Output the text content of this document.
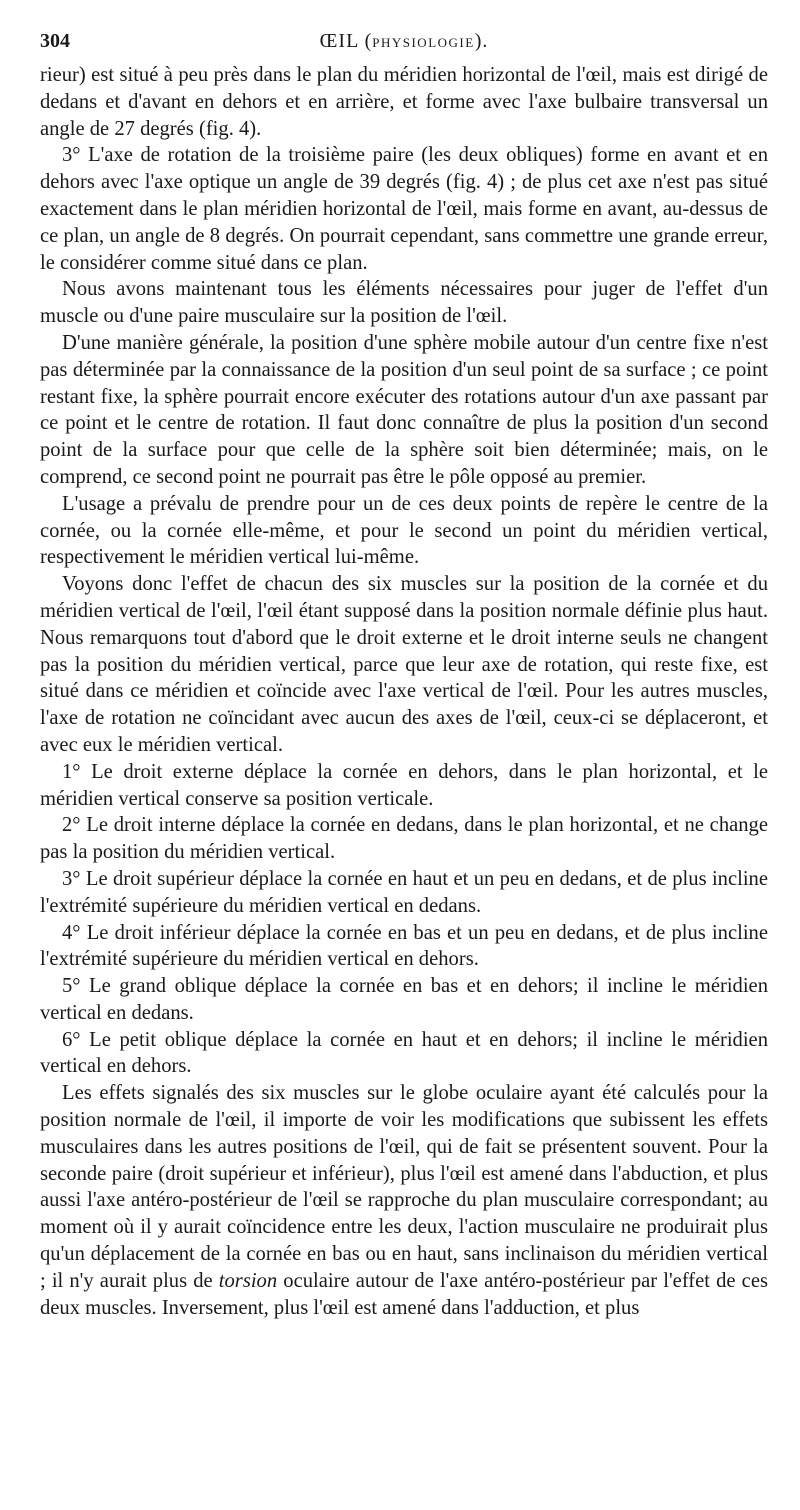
304	ŒIL (PHYSIOLOGIE).

rieur) est situé à peu près dans le plan du méridien horizontal de l'œil, mais est dirigé de dedans et d'avant en dehors et en arrière, et forme avec l'axe bulbaire transversal un angle de 27 degrés (fig. 4).

3° L'axe de rotation de la troisième paire (les deux obliques) forme en avant et en dehors avec l'axe optique un angle de 39 degrés (fig. 4) ; de plus cet axe n'est pas situé exactement dans le plan méridien horizontal de l'œil, mais forme en avant, au-dessus de ce plan, un angle de 8 degrés. On pourrait cependant, sans commettre une grande erreur, le considérer comme situé dans ce plan.

Nous avons maintenant tous les éléments nécessaires pour juger de l'effet d'un muscle ou d'une paire musculaire sur la position de l'œil.

D'une manière générale, la position d'une sphère mobile autour d'un centre fixe n'est pas déterminée par la connaissance de la position d'un seul point de sa surface ; ce point restant fixe, la sphère pourrait encore exécuter des rotations autour d'un axe passant par ce point et le centre de rotation. Il faut donc connaître de plus la position d'un second point de la surface pour que celle de la sphère soit bien déterminée; mais, on le comprend, ce second point ne pourrait pas être le pôle opposé au premier.

L'usage a prévalu de prendre pour un de ces deux points de repère le centre de la cornée, ou la cornée elle-même, et pour le second un point du méridien vertical, respectivement le méridien vertical lui-même.

Voyons donc l'effet de chacun des six muscles sur la position de la cornée et du méridien vertical de l'œil, l'œil étant supposé dans la position normale définie plus haut. Nous remarquons tout d'abord que le droit externe et le droit interne seuls ne changent pas la position du méridien vertical, parce que leur axe de rotation, qui reste fixe, est situé dans ce méridien et coïncide avec l'axe vertical de l'œil. Pour les autres muscles, l'axe de rotation ne coïncidant avec aucun des axes de l'œil, ceux-ci se déplaceront, et avec eux le méridien vertical.

1° Le droit externe déplace la cornée en dehors, dans le plan horizontal, et le méridien vertical conserve sa position verticale.

2° Le droit interne déplace la cornée en dedans, dans le plan horizontal, et ne change pas la position du méridien vertical.

3° Le droit supérieur déplace la cornée en haut et un peu en dedans, et de plus incline l'extrémité supérieure du méridien vertical en dedans.

4° Le droit inférieur déplace la cornée en bas et un peu en dedans, et de plus incline l'extrémité supérieure du méridien vertical en dehors.

5° Le grand oblique déplace la cornée en bas et en dehors; il incline le méridien vertical en dedans.

6° Le petit oblique déplace la cornée en haut et en dehors; il incline le méridien vertical en dehors.

Les effets signalés des six muscles sur le globe oculaire ayant été calculés pour la position normale de l'œil, il importe de voir les modifications que subissent les effets musculaires dans les autres positions de l'œil, qui de fait se présentent souvent. Pour la seconde paire (droit supérieur et inférieur), plus l'œil est amené dans l'abduction, et plus aussi l'axe antéro-postérieur de l'œil se rapproche du plan musculaire correspondant; au moment où il y aurait coïncidence entre les deux, l'action musculaire ne produirait plus qu'un déplacement de la cornée en bas ou en haut, sans inclinaison du méridien vertical ; il n'y aurait plus de torsion oculaire autour de l'axe antéro-postérieur par l'effet de ces deux muscles. Inversement, plus l'œil est amené dans l'adduction, et plus
